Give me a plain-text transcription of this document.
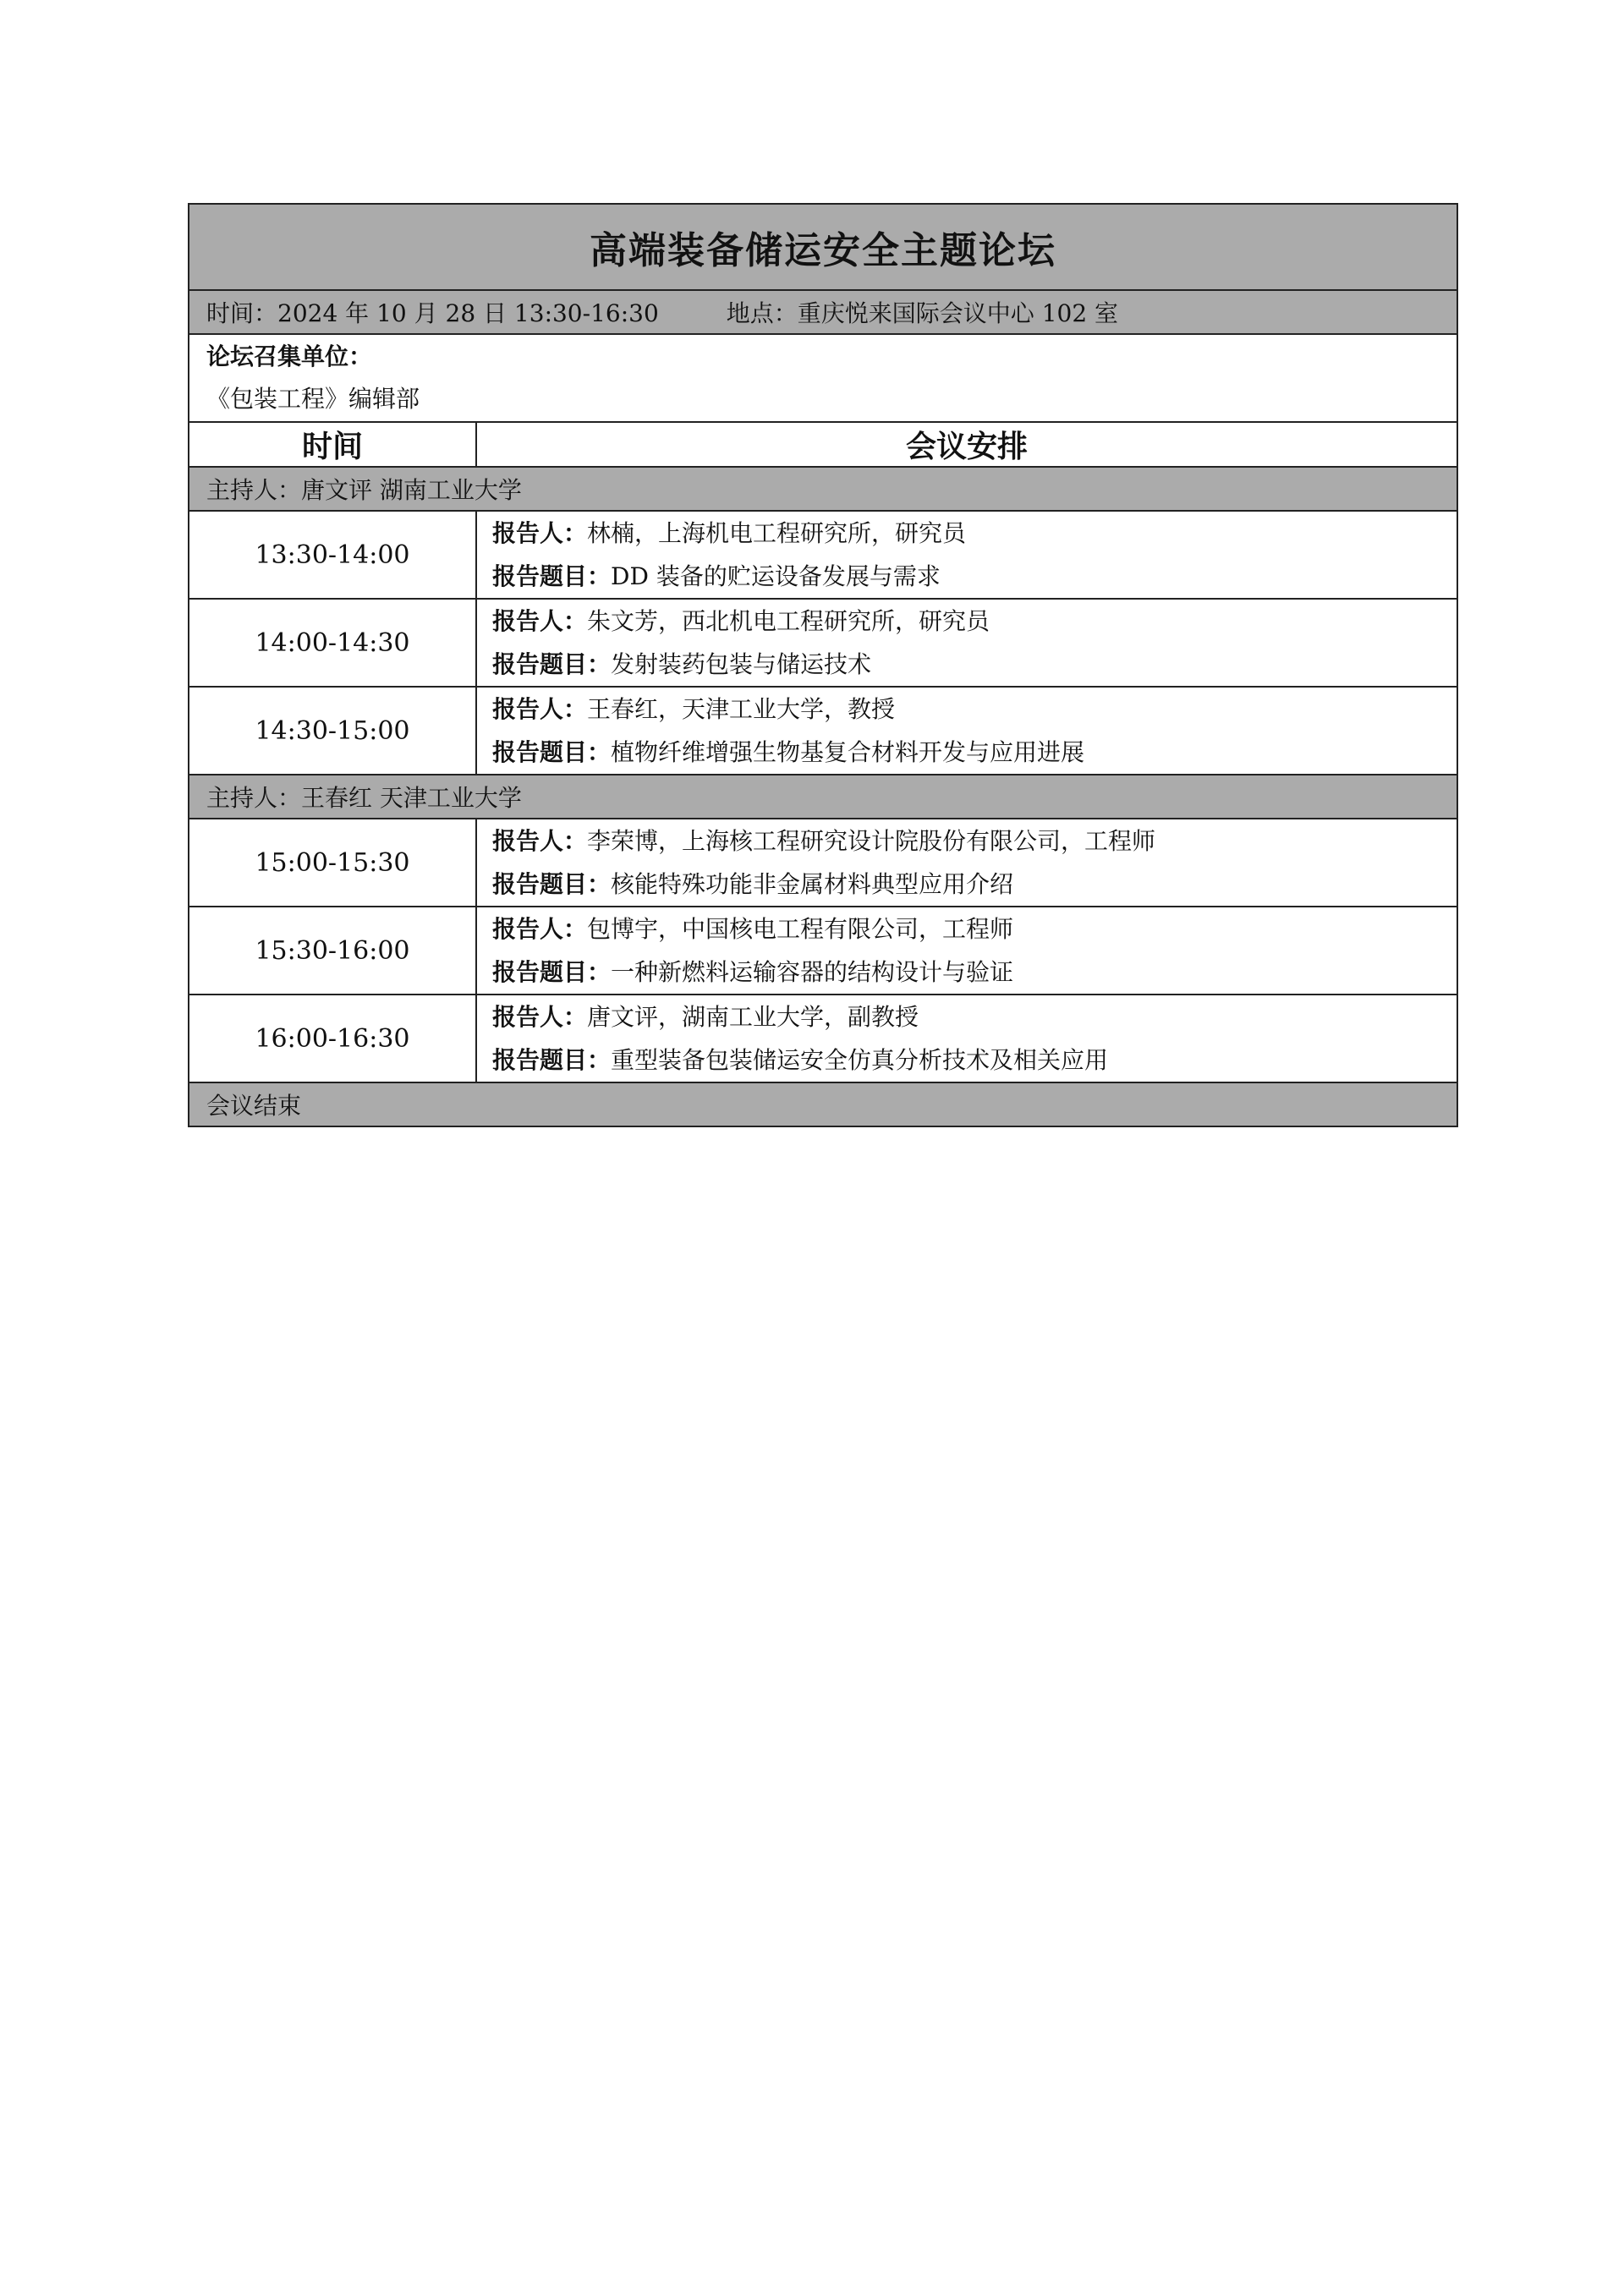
高端装备储运安全主题论坛	
时间：2024 年 10 月 28 日 13:30-16:30 地点：重庆悦来国际会议中心 102 室	

论坛召集单位：
《包装工程》编辑部	

时间	会议安排
主持人：唐文评 湖南工业大学	
13:30-14:00	报告人：林楠，上海机电工程研究所，研究员
报告题目：DD 装备的贮运设备发展与需求

14:00-14:30	报告人：朱文芳，西北机电工程研究所，研究员
报告题目：发射装药包装与储运技术

14:30-15:00	报告人：王春红，天津工业大学，教授
报告题目：植物纤维增强生物基复合材料开发与应用进展

主持人：王春红 天津工业大学	
15:00-15:30	报告人：李荣博，上海核工程研究设计院股份有限公司，工程师
报告题目：核能特殊功能非金属材料典型应用介绍

15:30-16:00	报告人：包博宇，中国核电工程有限公司，工程师
报告题目：一种新燃料运输容器的结构设计与验证

16:00-16:30	报告人：唐文评，湖南工业大学，副教授
报告题目：重型装备包装储运安全仿真分析技术及相关应用

会议结束	
